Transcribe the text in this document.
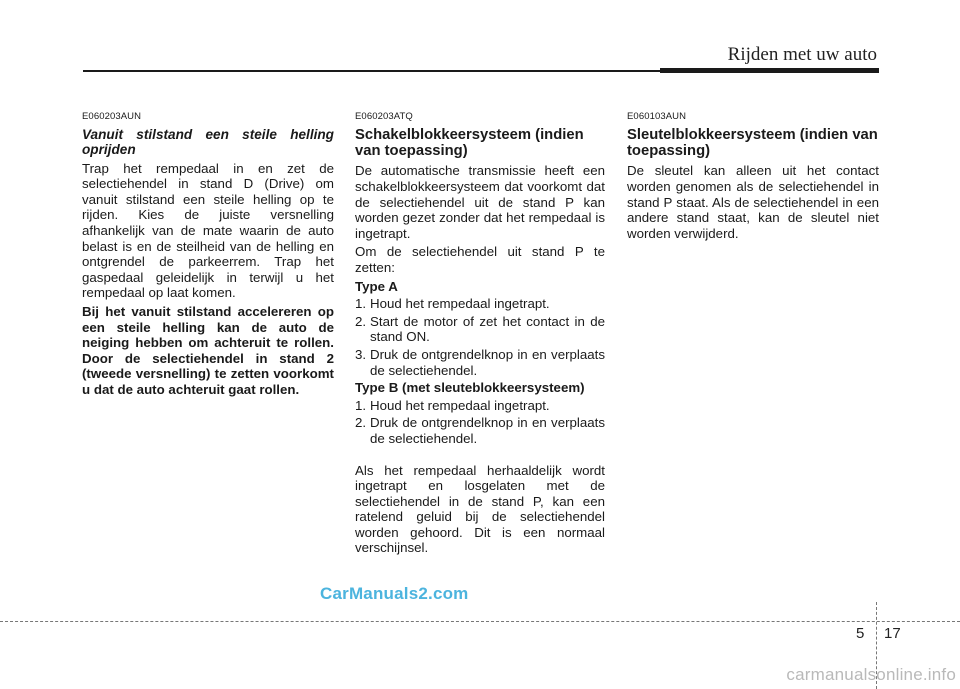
Rijden met uw auto
E060203AUN
Vanuit stilstand een steile helling oprijden

Trap het rempedaal in en zet de selectiehendel in stand D (Drive) om vanuit stilstand een steile helling op te rijden. Kies de juiste versnelling afhankelijk van de mate waarin de auto belast is en de steilheid van de helling en ontgrendel de parkeerrem. Trap het gaspedaal geleidelijk in terwijl u het rempedaal op laat komen.

Bij het vanuit stilstand accelereren op een steile helling kan de auto de neiging hebben om achteruit te rollen. Door de selectiehendel in stand 2 (tweede versnelling) te zetten voorkomt u dat de auto achteruit gaat rollen.

E060203ATQ
Schakelblokkeersysteem (indien van toepassing)

De automatische transmissie heeft een schakelblokkeersysteem dat voorkomt dat de selectiehendel uit de stand P kan worden gezet zonder dat het rempedaal is ingetrapt.

Om de selectiehendel uit stand P te zetten:

Type A
1. Houd het rempedaal ingetrapt.
2. Start de motor of zet het contact in de stand ON.
3. Druk de ontgrendelknop in en verplaats de selectiehendel.
Type B (met sleuteblokkeersysteem)
1. Houd het rempedaal ingetrapt.
2. Druk de ontgrendelknop in en verplaats de selectiehendel.

Als het rempedaal herhaaldelijk wordt ingetrapt en losgelaten met de selectiehendel in de stand P, kan een ratelend geluid bij de selectiehendel worden gehoord. Dit is een normaal verschijnsel.

E060103AUN
Sleutelblokkeersysteem (indien van toepassing)

De sleutel kan alleen uit het contact worden genomen als de selectiehendel in stand P staat. Als de selectiehendel in een andere stand staat, kan de sleutel niet worden verwijderd.

CarManuals2.com
5 17
carmanualsonline.info
